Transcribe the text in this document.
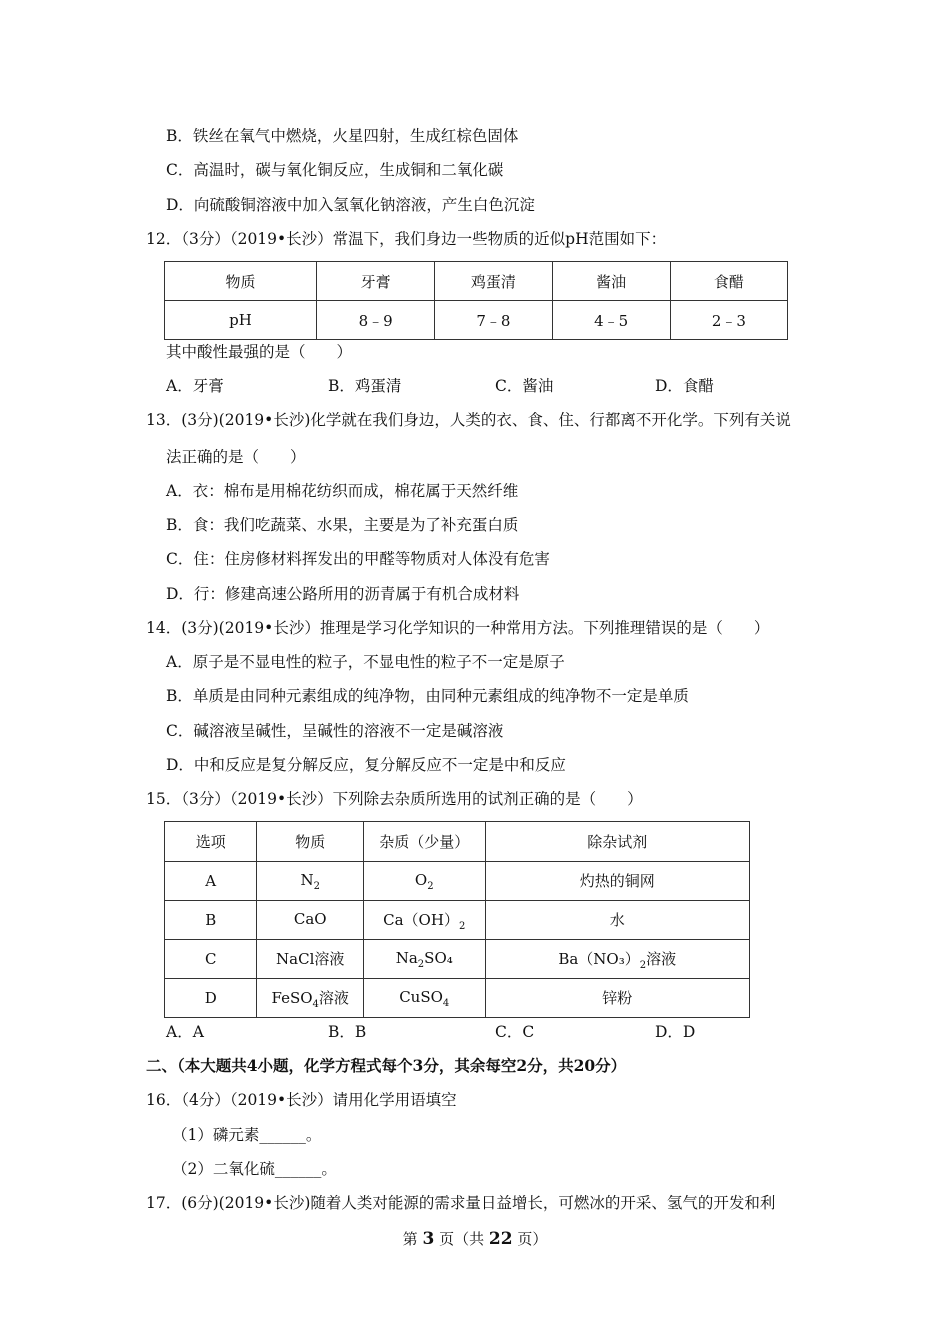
B．铁丝在氧气中燃烧，火星四射，生成红棕色固体
C．高温时，碳与氧化铜反应，生成铜和二氧化碳
D．向硫酸铜溶液中加入氢氧化钠溶液，产生白色沉淀
12．（3分）（2019•长沙）常温下，我们身边一些物质的近似pH范围如下：
物质	牙膏	鸡蛋清	酱油	食醋
pH	8﹣9	7﹣8	4﹣5	2﹣3
其中酸性最强的是（　　）
A．牙膏	B．鸡蛋清	C．酱油	D．食醋
13．(3分)(2019•长沙)化学就在我们身边，人类的衣、食、住、行都离不开化学。下列有关说
法正确的是（　　）
A．衣：棉布是用棉花纺织而成，棉花属于天然纤维
B．食：我们吃蔬菜、水果，主要是为了补充蛋白质
C．住：住房修材料挥发出的甲醛等物质对人体没有危害
D．行：修建高速公路所用的沥青属于有机合成材料
14．(3分)(2019•长沙）推理是学习化学知识的一种常用方法。下列推理错误的是（　　）
A．原子是不显电性的粒子，不显电性的粒子不一定是原子
B．单质是由同种元素组成的纯净物，由同种元素组成的纯净物不一定是单质
C．碱溶液呈碱性，呈碱性的溶液不一定是碱溶液
D．中和反应是复分解反应，复分解反应不一定是中和反应
15．（3分）（2019•长沙）下列除去杂质所选用的试剂正确的是（　　）
选项	物质	杂质（少量）	除杂试剂
A	$N_2$	$O_2$	灼热的铜网
B	CaO	$Ca(OH)_2$	水
C	NaCl溶液	$Na_2SO_4$	$Ba(NO_3)_2$溶液
D	FeSO$_4$溶液	CuSO$_4$	锌粉
A．A	B．B	C．C	D．D
二、（本大题共4小题，化学方程式每个3分，其余每空2分，共20分）
16．（4分）（2019•长沙）请用化学用语填空
（1）磷元素______。
（2）二氧化硫______。
17．(6分)(2019•长沙)随着人类对能源的需求量日益增长，可燃冰的开采、氢气的开发和利
第 3 页（共 22 页）
